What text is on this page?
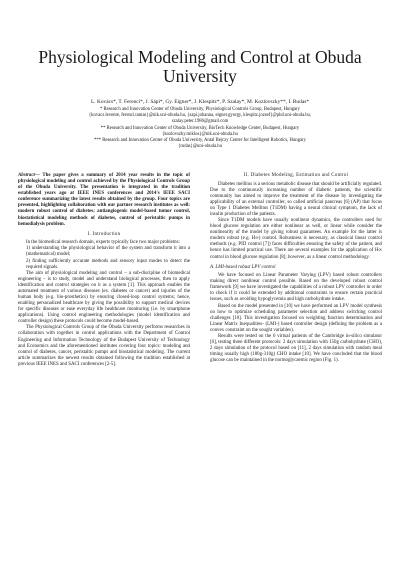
Physiological Modeling and Control at Obuda University
L. Kovács*, T. Ferenci*, J. Sápi*, Gy. Eigner*, J. Klespitz*, P. Szalay*, M. Kozlovszky**, I. Rudas*

* Research and Innovation Center of Obuda University, Physiological Controls Group, Budapest, Hungary

{kovacs.levente, ferenci.tamas}@nik.uni-obuda.hu, {sapi.johanna, eigner.gyorgy, klespitz.jozsef}@phd.uni-obuda.hu,

szalay.peter.1986@gmail.com

** Research and Innovation Center of Obuda University, BioTech Knowledge Center, Budapest, Hungary

{kozlovszky.miklos}@nik.uni-obuda.hu

*** Research and Innovation Center of Obuda University, Antal Bejczy Center for Intelligent Robotics, Hungary

{rudas}@uni-obuda.hu

Abstract— The paper gives a summary of 2014 year results in the topic of physiological modeling and control achieved by the Physiological Controls Group of the Obuda University. The presentation is integrated in the tradition established years ago at IEEE INES conferences and 2014's IEEE SACI conference summarizing the latest results obtained by the group. Four topics are presented, highlighting collaboration with our partner research institutes as well: modern robust control of diabetes; antiangiogenic model-based tumor control, biostatistical modeling methods of diabetes, control of peristaltic pumps in hemodialysis problem.

I. Introduction

In the biomedical research domain, experts typically face two major problems:

1) understanding the physiological behavior of the system and transform it into a (mathematical) model;

2) finding sufficiently accurate methods and sensory input modes to detect the required signals.

The aim of physiological modeling and control – a sub-discipline of biomedical engineering – is to study, model and understand biological processes, then to apply identification and control strategies on it as a system [1]. This approach enables the automated treatment of various diseases (ex. diabetes or cancer) and injuries of the human body (e.g. bio-prosthetics) by ensuring closed-loop control systems; hence, enabling personalized healthcare by giving the possibility to support medical devices for specific diseases or ease everyday life healthcare monitoring (i.e. by smartphone applications). Using control engineering methodologies (model identification and controller design) these protocols could become model-based.

The Physiological Controls Group of the Óbuda University performs researches in collaboration with together in control applications with the Department of Control Engineering and Information Technology of the Budapest University of Technology and Economics and the aforementioned institutes covering four topics: modeling and control of diabetes, cancer, peristaltic pumps and biostatistical modeling. The current article summarizes the newest results obtained following the tradition established at previous IEEE INES and SACI conferences [2-5].

II. Diabetes Modeling, Estimation and Control

Diabetes mellitus is a serious metabolic disease that should be artificially regulated. Due to the continuously increasing number of diabetic patients, the scientific community has aimed to improve the treatment of the disease by investigating the applicability of an external controller, so called artificial pancreas [6] (AP) that focus on Type 1 Diabetes Mellitus (T1DM) having a neural clinical symptom, the lack of insulin production of the patients.

Since T1DM models have usually nonlinear dynamics, the controllers used for blood glucose regulation are either nonlinear as well, or linear while consider the nonlinearity of the model by giving robust guarantees. An example for the latter is modern robust (e.g. H∞) control. Robustness is necessary, as classical linear control methods (e.g. PID control [7]) faces difficulties ensuring the safety of the patient, and hence has limited practical use. There are several examples for the application of H∞ control in blood glucose regulation [8]; however, as a linear control methodology.

A. LMI-based robust LPV control

We have focused on Linear Parameter Varying (LPV) based robust controllers making direct nonlinear control possible. Based on the developed robust control framework [9] we have investigated the capabilities of a robust LPV controller in order to check if it could be extended by additional constraints to ensure certain practical issues, such as avoiding hypoglycemia and high carbohydrate intake.

Based on the model presented in [10] we have performed an LPV model synthesis on how to optimize scheduling parameter selection and address switching control challenges [10]. This investigation focused on weighting function determination and Linear Matrix Inequalities- (LMI-) based controller design (defining the problem as a convex constraint on the sought variables).

Results were tested on the 6 virtual patients of the Cambridge in-silico simulator [6], testing three different protocols: 2 days simulation with 150g carbohydrate (CHO), 2 days simulation of the protocol based on [11], 2 days simulation with random meal timing usually high (180g-310g) CHO intake [10]. We have concluded that the blood glucose can be maintained in the normoglycaemic region (Fig. 1).
